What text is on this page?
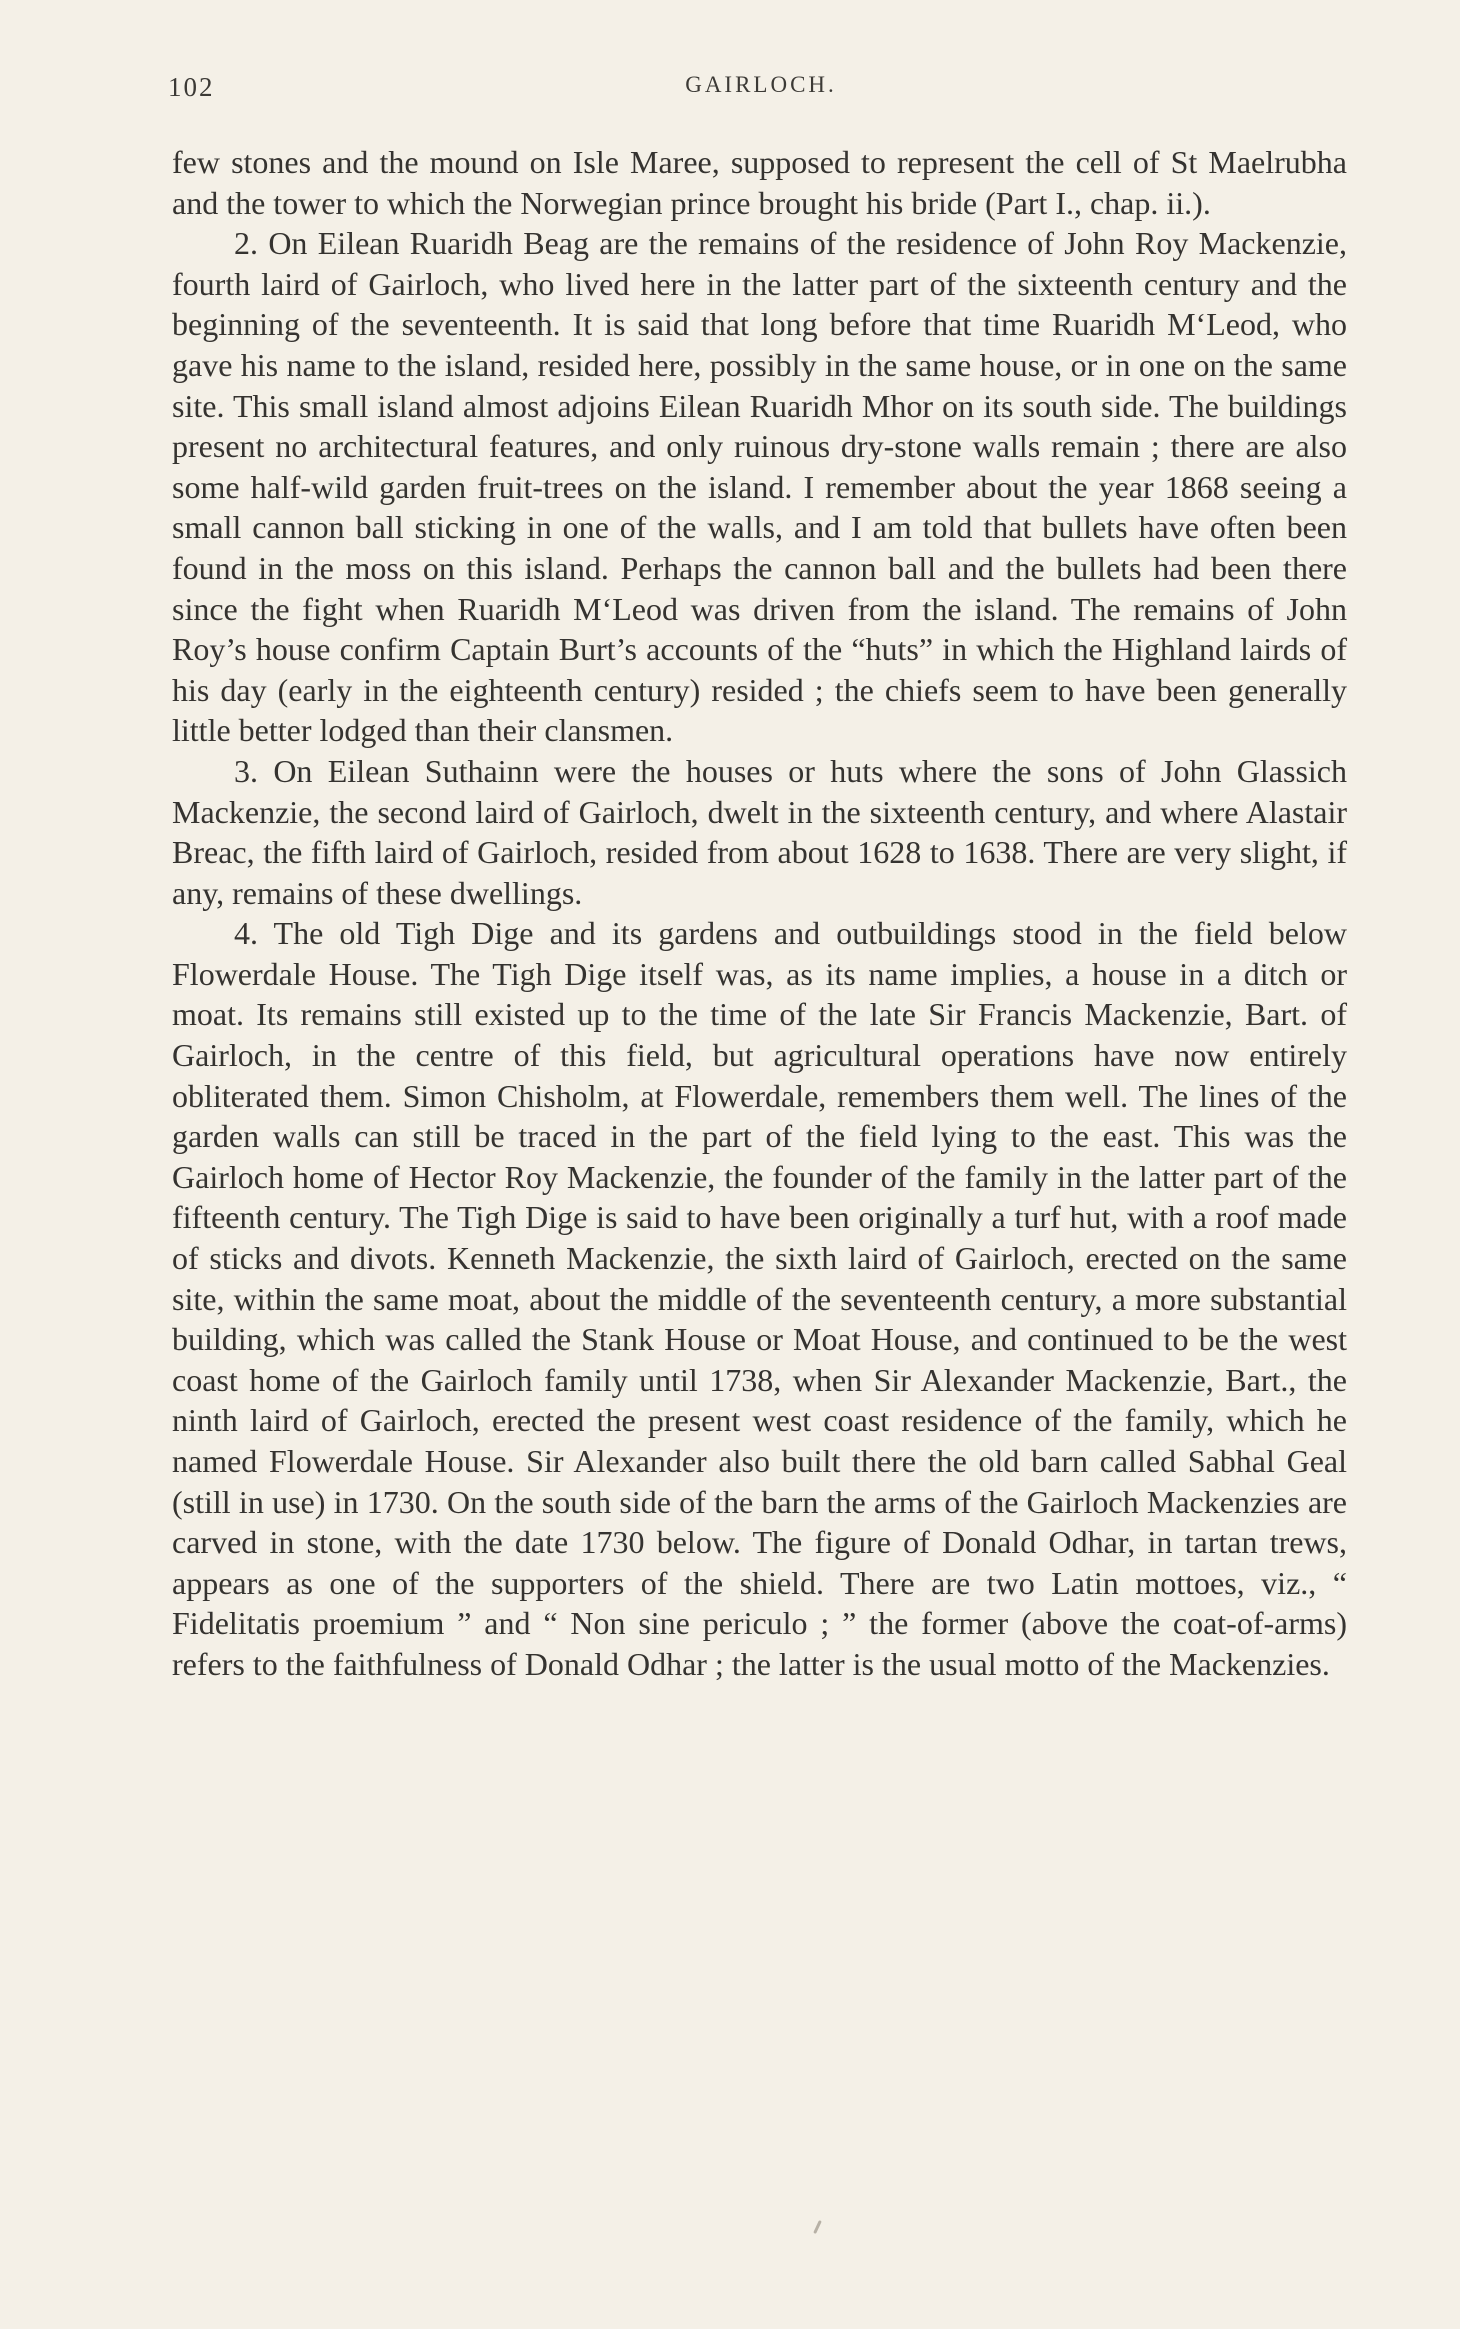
102	GAIRLOCH.

few stones and the mound on Isle Maree, supposed to represent the cell of St Maelrubha and the tower to which the Norwegian prince brought his bride (Part I., chap. ii.).

2. On Eilean Ruaridh Beag are the remains of the residence of John Roy Mackenzie, fourth laird of Gairloch, who lived here in the latter part of the sixteenth century and the beginning of the seventeenth. It is said that long before that time Ruaridh M‘Leod, who gave his name to the island, resided here, possibly in the same house, or in one on the same site. This small island almost adjoins Eilean Ruaridh Mhor on its south side. The buildings present no architectural features, and only ruinous dry-stone walls remain ; there are also some half-wild garden fruit-trees on the island. I remember about the year 1868 seeing a small cannon ball sticking in one of the walls, and I am told that bullets have often been found in the moss on this island. Perhaps the cannon ball and the bullets had been there since the fight when Ruaridh M‘Leod was driven from the island. The remains of John Roy’s house confirm Captain Burt’s accounts of the “huts” in which the Highland lairds of his day (early in the eighteenth century) resided ; the chiefs seem to have been generally little better lodged than their clansmen.

3. On Eilean Suthainn were the houses or huts where the sons of John Glassich Mackenzie, the second laird of Gairloch, dwelt in the sixteenth century, and where Alastair Breac, the fifth laird of Gairloch, resided from about 1628 to 1638. There are very slight, if any, remains of these dwellings.

4. The old Tigh Dige and its gardens and outbuildings stood in the field below Flowerdale House. The Tigh Dige itself was, as its name implies, a house in a ditch or moat. Its remains still existed up to the time of the late Sir Francis Mackenzie, Bart. of Gairloch, in the centre of this field, but agricultural operations have now entirely obliterated them. Simon Chisholm, at Flowerdale, remembers them well. The lines of the garden walls can still be traced in the part of the field lying to the east. This was the Gairloch home of Hector Roy Mackenzie, the founder of the family in the latter part of the fifteenth century. The Tigh Dige is said to have been originally a turf hut, with a roof made of sticks and divots. Kenneth Mackenzie, the sixth laird of Gairloch, erected on the same site, within the same moat, about the middle of the seventeenth century, a more substantial building, which was called the Stank House or Moat House, and continued to be the west coast home of the Gairloch family until 1738, when Sir Alexander Mackenzie, Bart., the ninth laird of Gairloch, erected the present west coast residence of the family, which he named Flowerdale House. Sir Alexander also built there the old barn called Sabhal Geal (still in use) in 1730. On the south side of the barn the arms of the Gairloch Mackenzies are carved in stone, with the date 1730 below. The figure of Donald Odhar, in tartan trews, appears as one of the supporters of the shield. There are two Latin mottoes, viz., “ Fidelitatis proemium ” and “ Non sine periculo ; ” the former (above the coat-of-arms) refers to the faithfulness of Donald Odhar ; the latter is the usual motto of the Mackenzies.
